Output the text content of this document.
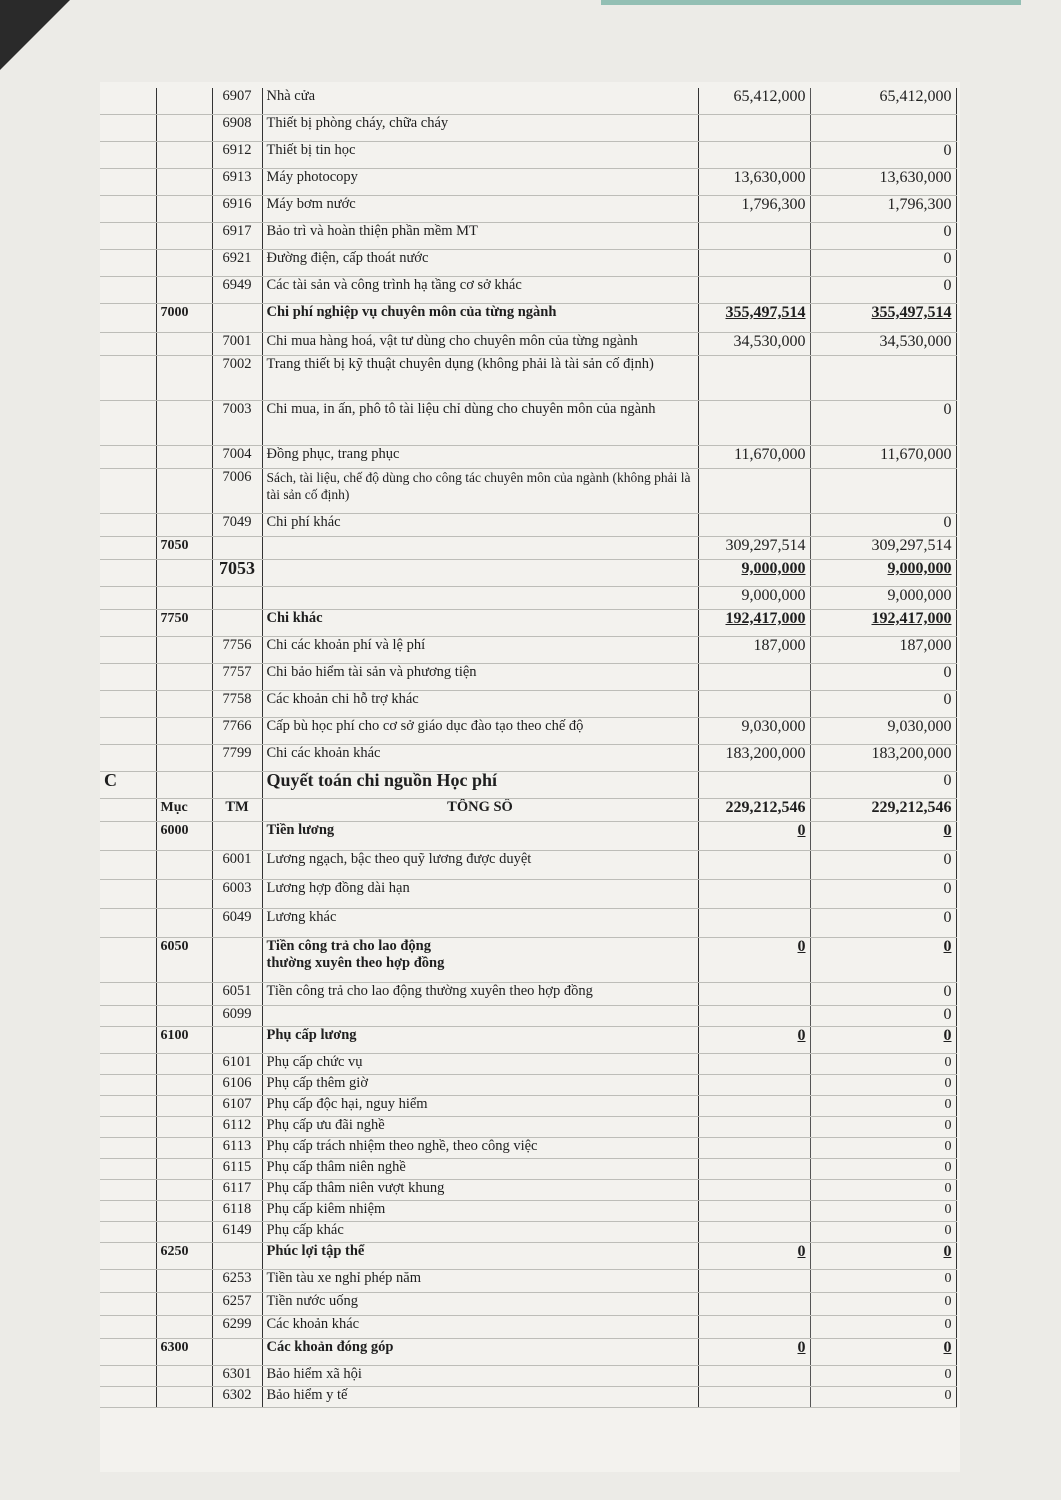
		6907	Nhà cửa	65,412,000	65,412,000
		6908	Thiết bị phòng cháy, chữa cháy		
		6912	Thiết bị tin học		0
		6913	Máy photocopy	13,630,000	13,630,000
		6916	Máy bơm nước	1,796,300	1,796,300
		6917	Bảo trì và hoàn thiện phần mềm MT		0
		6921	Đường điện, cấp thoát nước		0
		6949	Các tài sản và công trình hạ tầng cơ sở khác		0
	7000		Chi phí nghiệp vụ chuyên môn của từng ngành	355,497,514	355,497,514
		7001	Chi mua hàng hoá, vật tư dùng cho chuyên môn của từng ngành	34,530,000	34,530,000
		7002	Trang thiết bị kỹ thuật chuyên dụng (không phải là tài sản cố định)		
		7003	Chi mua, in ấn, phô tô tài liệu chỉ dùng cho chuyên môn của ngành		0
		7004	Đồng phục, trang phục	11,670,000	11,670,000
		7006	Sách, tài liệu, chế độ dùng cho công tác chuyên môn của ngành (không phải là tài sản cố định)		
		7049	Chi phí khác		0
	7050			309,297,514	309,297,514
		7053		9,000,000	9,000,000
				9,000,000	9,000,000
	7750		Chi khác	192,417,000	192,417,000
		7756	Chi các khoản phí và lệ phí	187,000	187,000
		7757	Chi bảo hiểm tài sản và phương tiện		0
		7758	Các khoản chi hỗ trợ khác		0
		7766	Cấp bù học phí cho cơ sở giáo dục đào tạo theo chế độ	9,030,000	9,030,000
		7799	Chi các khoản khác	183,200,000	183,200,000
C			Quyết toán chi nguồn Học phí		0
	Mục	TM	TỔNG SỐ	229,212,546	229,212,546
	6000		Tiền lương	0	0
		6001	Lương ngạch, bậc theo quỹ lương được duyệt		0
		6003	Lương hợp đồng dài hạn		0
		6049	Lương khác		0
	6050		Tiền công trả cho lao động
thường xuyên theo hợp đồng	0	0
		6051	Tiền công trả cho lao động thường xuyên theo hợp đồng		0
		6099			0
	6100		Phụ cấp lương	0	0
		6101	Phụ cấp chức vụ		0
		6106	Phụ cấp thêm giờ		0
		6107	Phụ cấp độc hại, nguy hiểm		0
		6112	Phụ cấp ưu đãi nghề		0
		6113	Phụ cấp trách nhiệm theo nghề, theo công việc		0
		6115	Phụ cấp thâm niên nghề		0
		6117	Phụ cấp thâm niên vượt khung		0
		6118	Phụ cấp kiêm nhiệm		0
		6149	Phụ cấp khác		0
	6250		Phúc lợi tập thể	0	0
		6253	Tiền tàu xe nghỉ phép năm		0
		6257	Tiền nước uống		0
		6299	Các khoản khác		0
	6300		Các khoản đóng góp	0	0
		6301	Bảo hiểm xã hội		0
		6302	Bảo hiểm y tế		0
